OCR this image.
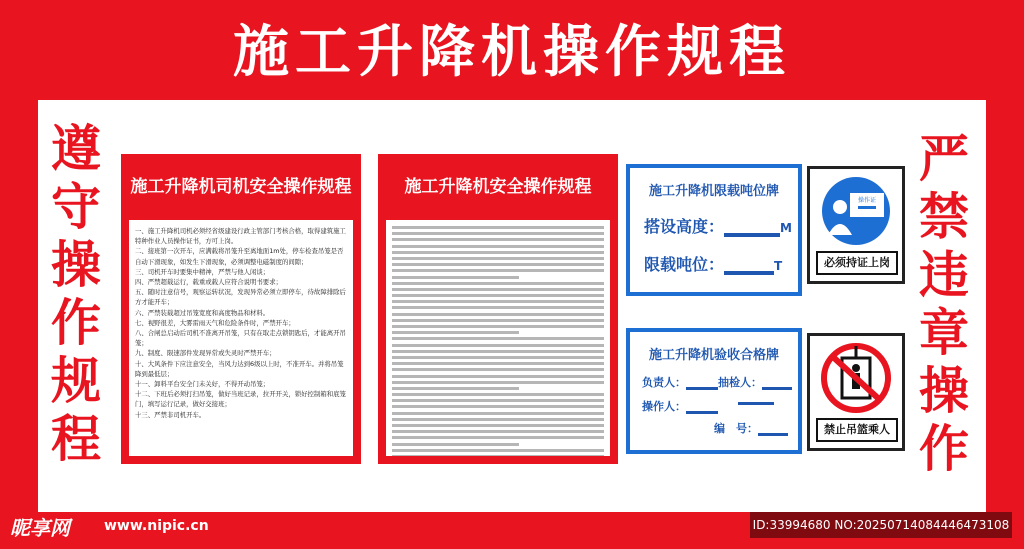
施工升降机操作规程
遵守操作规程
严禁违章操作
施工升降机司机安全操作规程
一、施工升降机司机必须经省级建设行政主管部门考核合格，取得建筑施工特种作业人员操作证书，方可上岗。
二、接班第一次开车，应满载将吊笼升至离地面1m处，停车检查吊笼是否自动下滑现象，如发生下滑现象，必须调整电磁制度的间隙；
三、司机开车时要集中精神，严禁与他人闲谈；
四、严禁超载运行，载重或载人应符合说明书要求；
五、随时注意信号，观察运转状况，发现异常必须立即停车，待故障排除后方才能开车；
六、严禁装载超过吊笼宽度和高度物品和材料。
七、视野很差，大雾雷雨天气和危险条件时，严禁开车；
八、合闸总启动后司机不准离开吊笼，只有在取走点锁钥匙后，才能离开吊笼；
九、制度、限速部件发现异常或失灵时严禁开车；
十、大风条件下应注意安全，当风力达到6级以上时，不准开车。并将吊笼降到最低层；
十一、卸料平台安全门未关好，不得开动吊笼；
十二、下班后必须打扫吊笼，做好当班记录，拉开开关，锁好控制箱和底笼门，填写运行记录，做好交接班；
十三、严禁非司机开车。
施工升降机安全操作规程	施工升降机限载吨位牌
搭设高度：	M
限载吨位：	T
施工升降机验收合格牌
负责人：	抽检人：
操作人：
编　号：
操作证
必须持证上岗
禁止吊篮乘人
昵享网 www.nipic.cn	ID:33994680 NO:20250714084446473108
